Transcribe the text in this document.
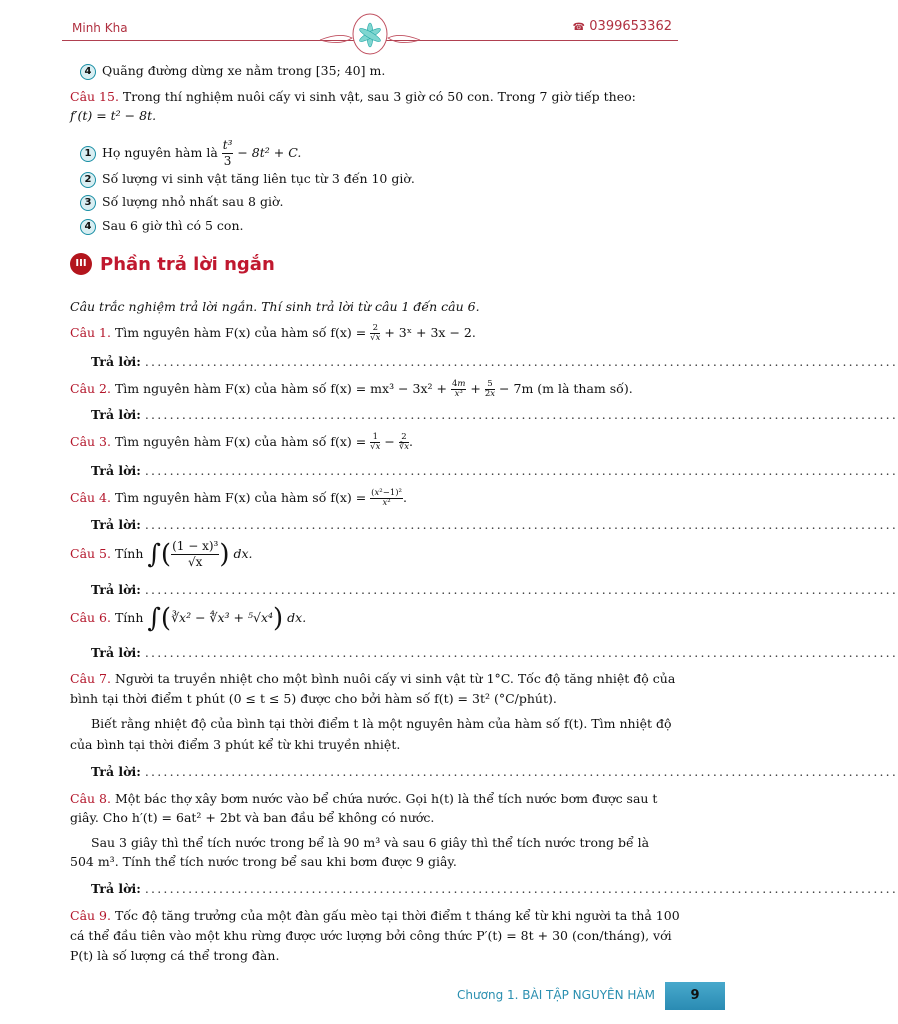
Minh Kha	☎ 0399653362
4 Quãng đường dừng xe nằm trong [35; 40] m.
Câu 15. Trong thí nghiệm nuôi cấy vi sinh vật, sau 3 giờ có 50 con. Trong 7 giờ tiếp theo:
f′(t) = t² − 8t.
1 Họ nguyên hàm là $\frac{\text{t³}}{3} - 8t^2 + C$.
2 Số lượng vi sinh vật tăng liên tục từ 3 đến 10 giờ.
3 Số lượng nhỏ nhất sau 8 giờ.
4 Sau 6 giờ thì có 5 con.
III Phần trả lời ngắn
Câu trắc nghiệm trả lời ngắn. Thí sinh trả lời từ câu 1 đến câu 6.
Câu 1. Tìm nguyên hàm F(x) của hàm số $f(x) = \frac{2}{√x}$ + 3ˣ + 3x − 2.
Trả lời: ..........................................................................................................................
Câu 2. Tìm nguyên hàm F(x) của hàm số $f(x) = mx^3 - 3x^2 + \frac{4m}{\text{x³}} + \frac{5}{2x} - 7m$ (m là tham số).
Trả lời: ..........................................................................................................................
Câu 3. Tìm nguyên hàm F(x) của hàm số $f(x) = \frac{1}{√x} - \frac{2}{∛x}$ .
Trả lời: ..........................................................................................................................
Câu 4. Tìm nguyên hàm F(x) của hàm số $f(x) = \frac{\text{(x²−1)²}}{\text{x²}}$ .
Trả lời: ..........................................................................................................................
Câu 5. Tính ∫( $\frac{\text{(1 − x)³}}{√x}$ ) dx.
Trả lời: ..........................................................................................................................
Câu 6. Tính ∫(∛x² − ∜x³ + ⁵√x⁴) dx.
Trả lời: ..........................................................................................................................
Câu 7. Người ta truyền nhiệt cho một bình nuôi cấy vi sinh vật từ 1°C. Tốc độ tăng nhiệt độ của
bình tại thời điểm t phút (0 ≤ t ≤ 5) được cho bởi hàm số f(t) = 3t² (°C/phút).
Biết rằng nhiệt độ của bình tại thời điểm t là một nguyên hàm của hàm số f(t). Tìm nhiệt độ
của bình tại thời điểm 3 phút kể từ khi truyền nhiệt.
Trả lời: ..........................................................................................................................
Câu 8. Một bác thợ xây bơm nước vào bể chứa nước. Gọi h(t) là thể tích nước bơm được sau t
giây. Cho h′(t) = 6at² + 2bt và ban đầu bể không có nước.
Sau 3 giây thì thể tích nước trong bể là 90 m³ và sau 6 giây thì thể tích nước trong bể là
504 m³. Tính thể tích nước trong bể sau khi bơm được 9 giây.
Trả lời: ..........................................................................................................................
Câu 9. Tốc độ tăng trưởng của một đàn gấu mèo tại thời điểm t tháng kể từ khi người ta thả 100
cá thể đầu tiên vào một khu rừng được ước lượng bởi công thức P′(t) = 8t + 30 (con/tháng), với
P(t) là số lượng cá thể trong đàn.
Chương 1. BÀI TẬP NGUYÊN HÀM	9
